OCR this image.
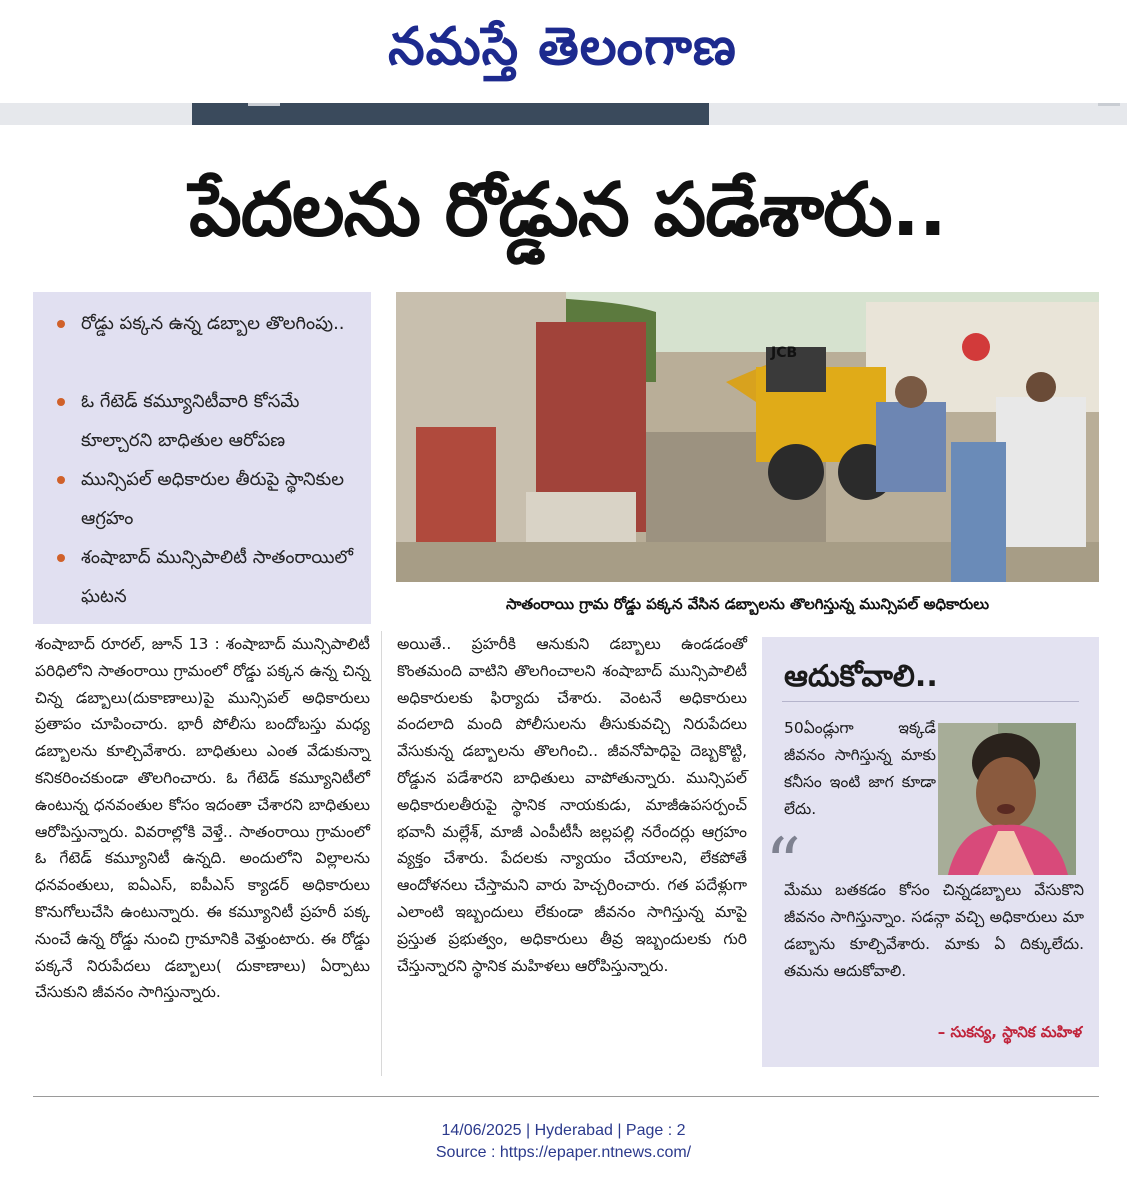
నమస్తే తెలంగాణ
పేదలను రోడ్డున పడేశారు..
రోడ్డు పక్కన ఉన్న డబ్బాల తొలగింపు..
ఓ గేటెడ్ కమ్యూనిటీవారి కోసమే కూల్చారని బాధితుల ఆరోపణ
మున్సిపల్ అధికారుల తీరుపై స్థానికుల ఆగ్రహం
శంషాబాద్ మున్సిపాలిటీ సాతంరాయిలో ఘటన
JCB
సాతంరాయి గ్రామ రోడ్డు పక్కన వేసిన డబ్బాలను తొలగిస్తున్న మున్సిపల్ అధికారులు
శంషాబాద్ రూరల్, జూన్ 13 : శంషాబాద్ మున్సిపాలిటీ పరిధిలోని సాతంరాయి గ్రామంలో రోడ్డు పక్కన ఉన్న చిన్న చిన్న డబ్బాలు(దుకాణాలు)పై మున్సిపల్ అధికారులు ప్రతాపం చూపించారు. భారీ పోలీసు బందోబస్తు మధ్య డబ్బాలను కూల్చివేశారు. బాధితులు ఎంత వేడుకున్నా కనికరించకుండా తొలగించారు. ఓ గేటెడ్ కమ్యూనిటీలో ఉంటున్న ధనవంతుల కోసం ఇదంతా చేశారని బాధితులు ఆరోపిస్తున్నారు. వివరాల్లోకి వెళ్తే.. సాతంరాయి గ్రామంలో ఓ గేటెడ్ కమ్యూనిటీ ఉన్నది. అందులోని విల్లాలను ధనవంతులు, ఐఏఎస్, ఐపీఎస్ క్యాడర్ అధికారులు కొనుగోలుచేసి ఉంటున్నారు. ఈ కమ్యూనిటీ ప్రహరీ పక్క నుంచే ఉన్న రోడ్డు నుంచి గ్రామానికి వెళ్తుంటారు. ఈ రోడ్డు పక్కనే నిరుపేదలు డబ్బాలు( దుకాణాలు) ఏర్పాటు చేసుకుని జీవనం సాగిస్తున్నారు.
అయితే.. ప్రహరీకి ఆనుకుని డబ్బాలు ఉండడంతో కొంతమంది వాటిని తొలగించాలని శంషాబాద్ మున్సిపాలిటీ అధికారులకు ఫిర్యాదు చేశారు. వెంటనే అధికారులు వందలాది మంది పోలీసులను తీసుకువచ్చి నిరుపేదలు వేసుకున్న డబ్బాలను తొలగించి.. జీవనోపాధిపై దెబ్బకొట్టి, రోడ్డున పడేశారని బాధితులు వాపోతున్నారు. మున్సిపల్ అధికారులతీరుపై స్థానిక నాయకుడు, మాజీఉపసర్పంచ్ భవానీ మల్లేశ్, మాజీ ఎంపీటీసీ జల్లపల్లి నరేందర్లు ఆగ్రహం వ్యక్తం చేశారు. పేదలకు న్యాయం చేయాలని, లేకపోతే ఆందోళనలు చేస్తామని వారు హెచ్చరించారు. గత పదేళ్లుగా ఎలాంటి ఇబ్బందులు లేకుండా జీవనం సాగిస్తున్న మాపై ప్రస్తుత ప్రభుత్వం, అధికారులు తీవ్ర ఇబ్బందులకు గురి చేస్తున్నారని స్థానిక మహిళలు ఆరోపిస్తున్నారు.
ఆదుకోవాలి..
50ఏండ్లుగా ఇక్కడే జీవనం సాగిస్తున్న మాకు కనీసం ఇంటి జాగ కూడా లేదు.
“
మేము బతకడం కోసం చిన్నడబ్బాలు వేసుకొని జీవనం సాగిస్తున్నాం. సడన్గా వచ్చి అధికారులు మా డబ్బాను కూల్చివేశారు. మాకు ఏ దిక్కులేదు. తమను ఆదుకోవాలి.
– సుకన్య, స్థానిక మహిళ
14/06/2025 | Hyderabad | Page : 2
Source : https://epaper.ntnews.com/
